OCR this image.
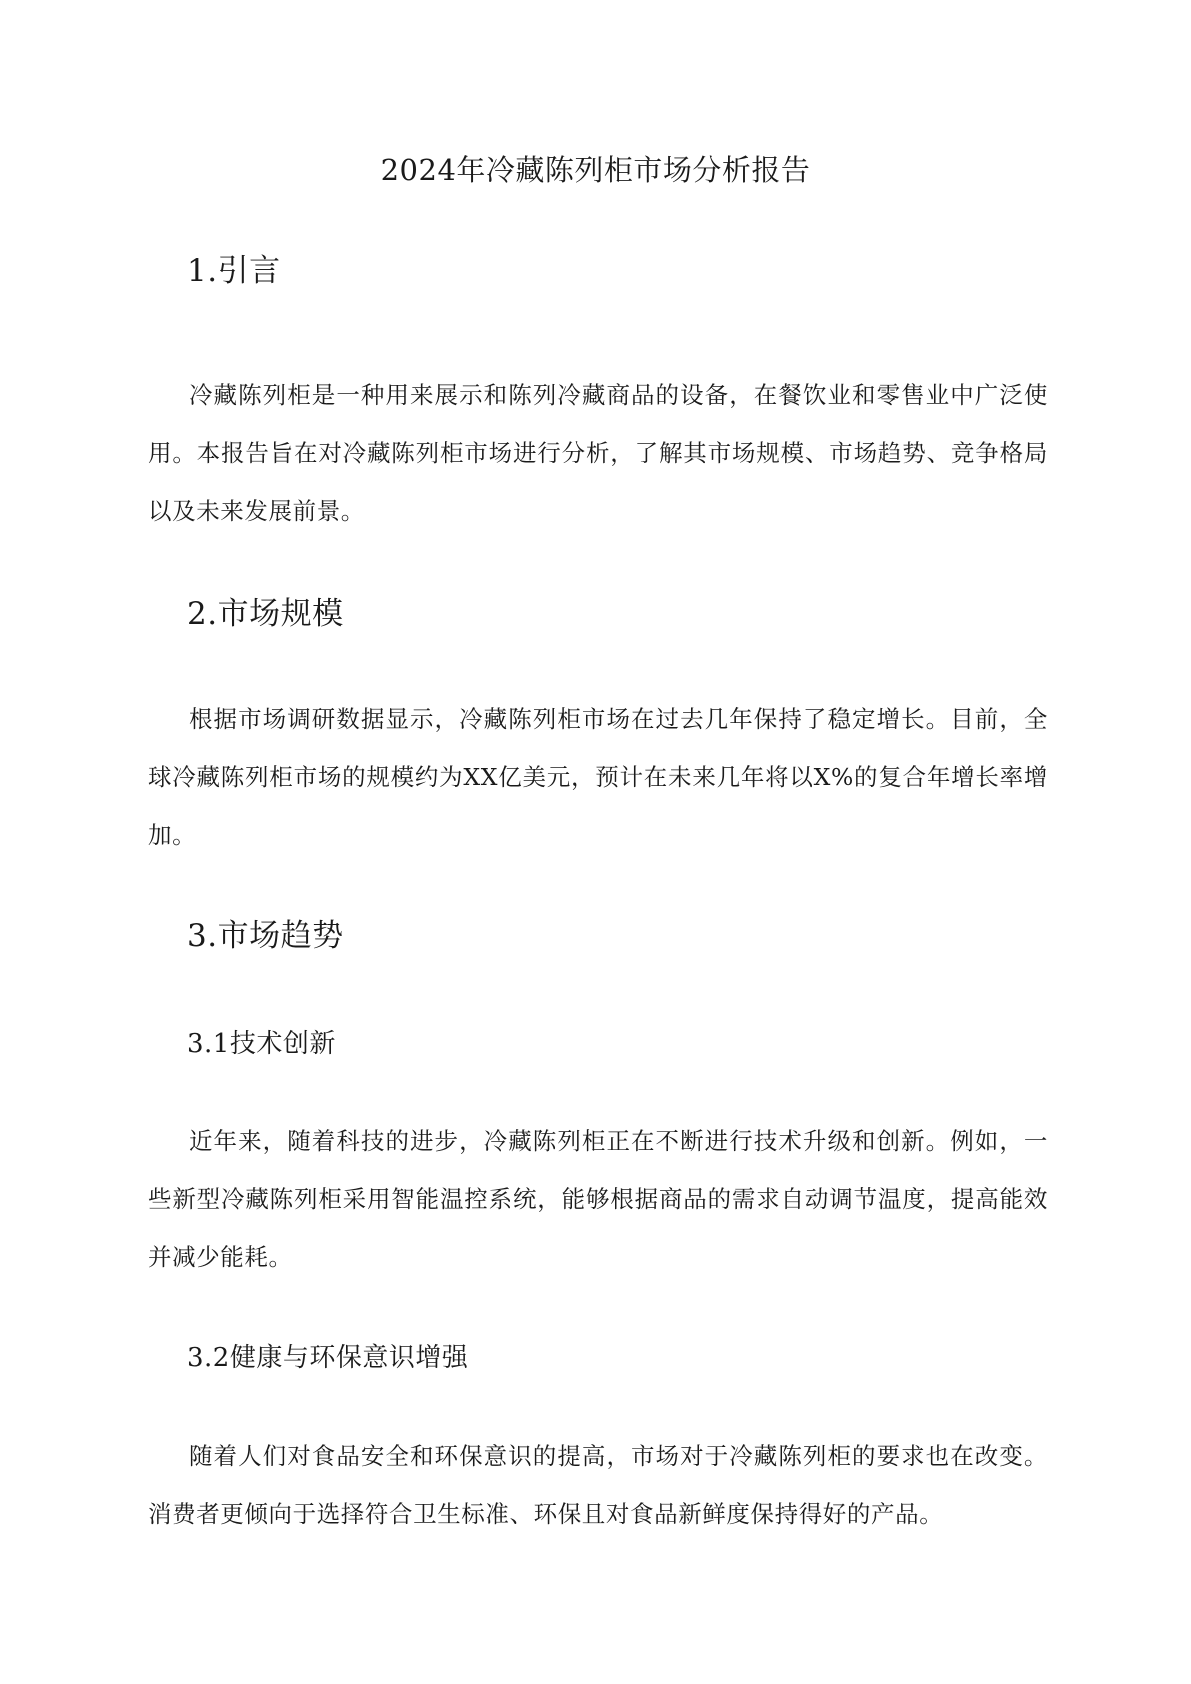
2024年冷藏陈列柜市场分析报告
1.引言
冷藏陈列柜是一种用来展示和陈列冷藏商品的设备，在餐饮业和零售业中广泛使用。本报告旨在对冷藏陈列柜市场进行分析，了解其市场规模、市场趋势、竞争格局以及未来发展前景。
2.市场规模
根据市场调研数据显示，冷藏陈列柜市场在过去几年保持了稳定增长。目前，全球冷藏陈列柜市场的规模约为XX亿美元，预计在未来几年将以X%的复合年增长率增加。
3.市场趋势
3.1技术创新
近年来，随着科技的进步，冷藏陈列柜正在不断进行技术升级和创新。例如，一些新型冷藏陈列柜采用智能温控系统，能够根据商品的需求自动调节温度，提高能效并减少能耗。
3.2健康与环保意识增强
随着人们对食品安全和环保意识的提高，市场对于冷藏陈列柜的要求也在改变。消费者更倾向于选择符合卫生标准、环保且对食品新鲜度保持得好的产品。
